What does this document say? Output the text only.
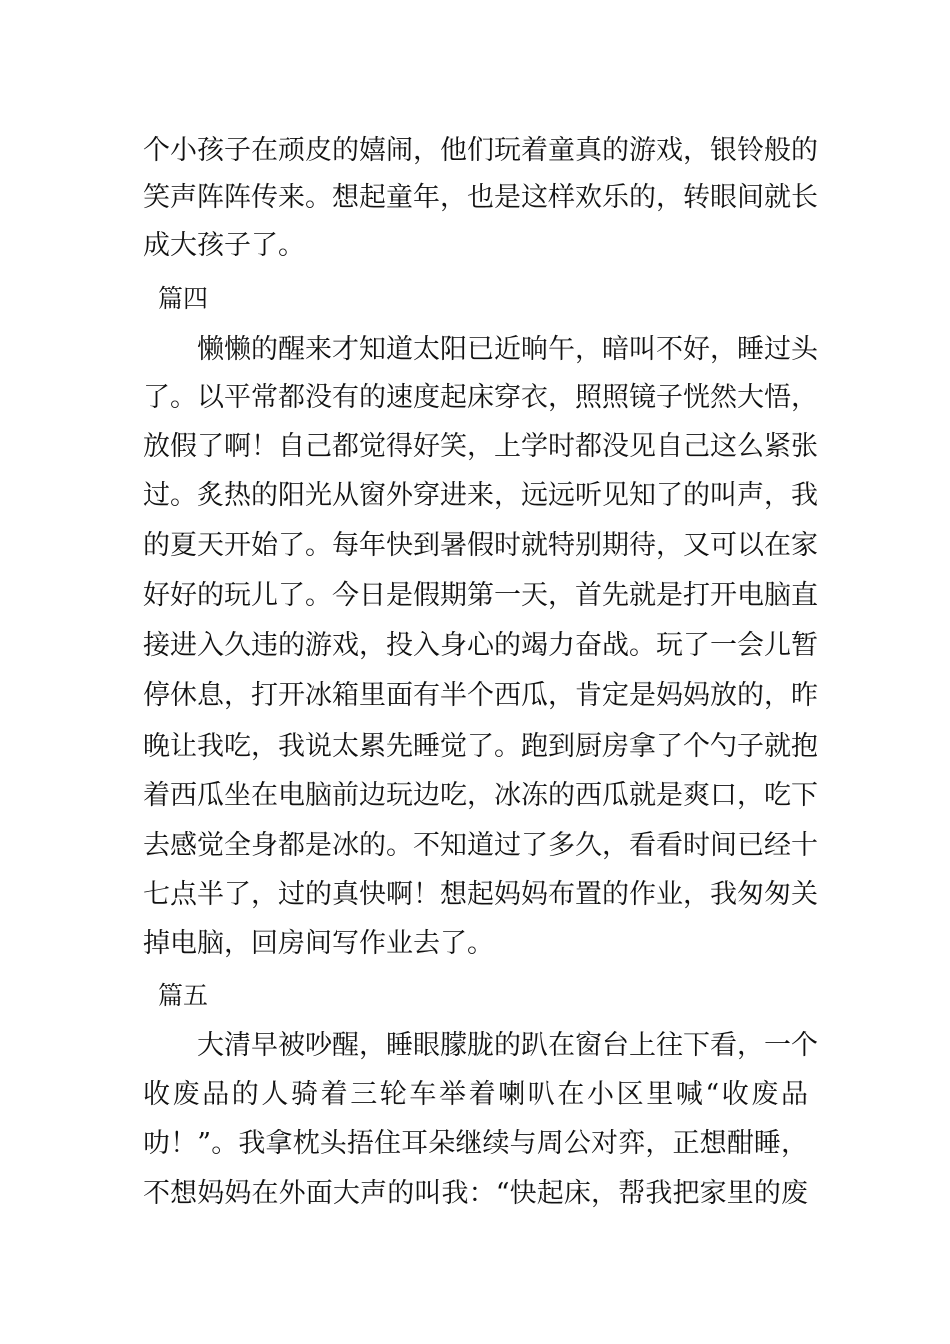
个小孩子在顽皮的嬉闹，他们玩着童真的游戏，银铃般的
笑声阵阵传来。想起童年，也是这样欢乐的，转眼间就长
成大孩子了。
篇四
　　懒懒的醒来才知道太阳已近晌午，暗叫不好，睡过头
了。以平常都没有的速度起床穿衣，照照镜子恍然大悟，
放假了啊！自己都觉得好笑，上学时都没见自己这么紧张
过。炙热的阳光从窗外穿进来，远远听见知了的叫声，我
的夏天开始了。每年快到暑假时就特别期待，又可以在家
好好的玩儿了。今日是假期第一天，首先就是打开电脑直
接进入久违的游戏，投入身心的竭力奋战。玩了一会儿暂
停休息，打开冰箱里面有半个西瓜，肯定是妈妈放的，昨
晚让我吃，我说太累先睡觉了。跑到厨房拿了个勺子就抱
着西瓜坐在电脑前边玩边吃，冰冻的西瓜就是爽口，吃下
去感觉全身都是冰的。不知道过了多久，看看时间已经十
七点半了，过的真快啊！想起妈妈布置的作业，我匆匆关
掉电脑，回房间写作业去了。
篇五
　　大清早被吵醒，睡眼朦胧的趴在窗台上往下看，一个
收废品的人骑着三轮车举着喇叭在小区里喊“收废品
叻！”。我拿枕头捂住耳朵继续与周公对弈，正想酣睡，
不想妈妈在外面大声的叫我：“快起床，帮我把家里的废
